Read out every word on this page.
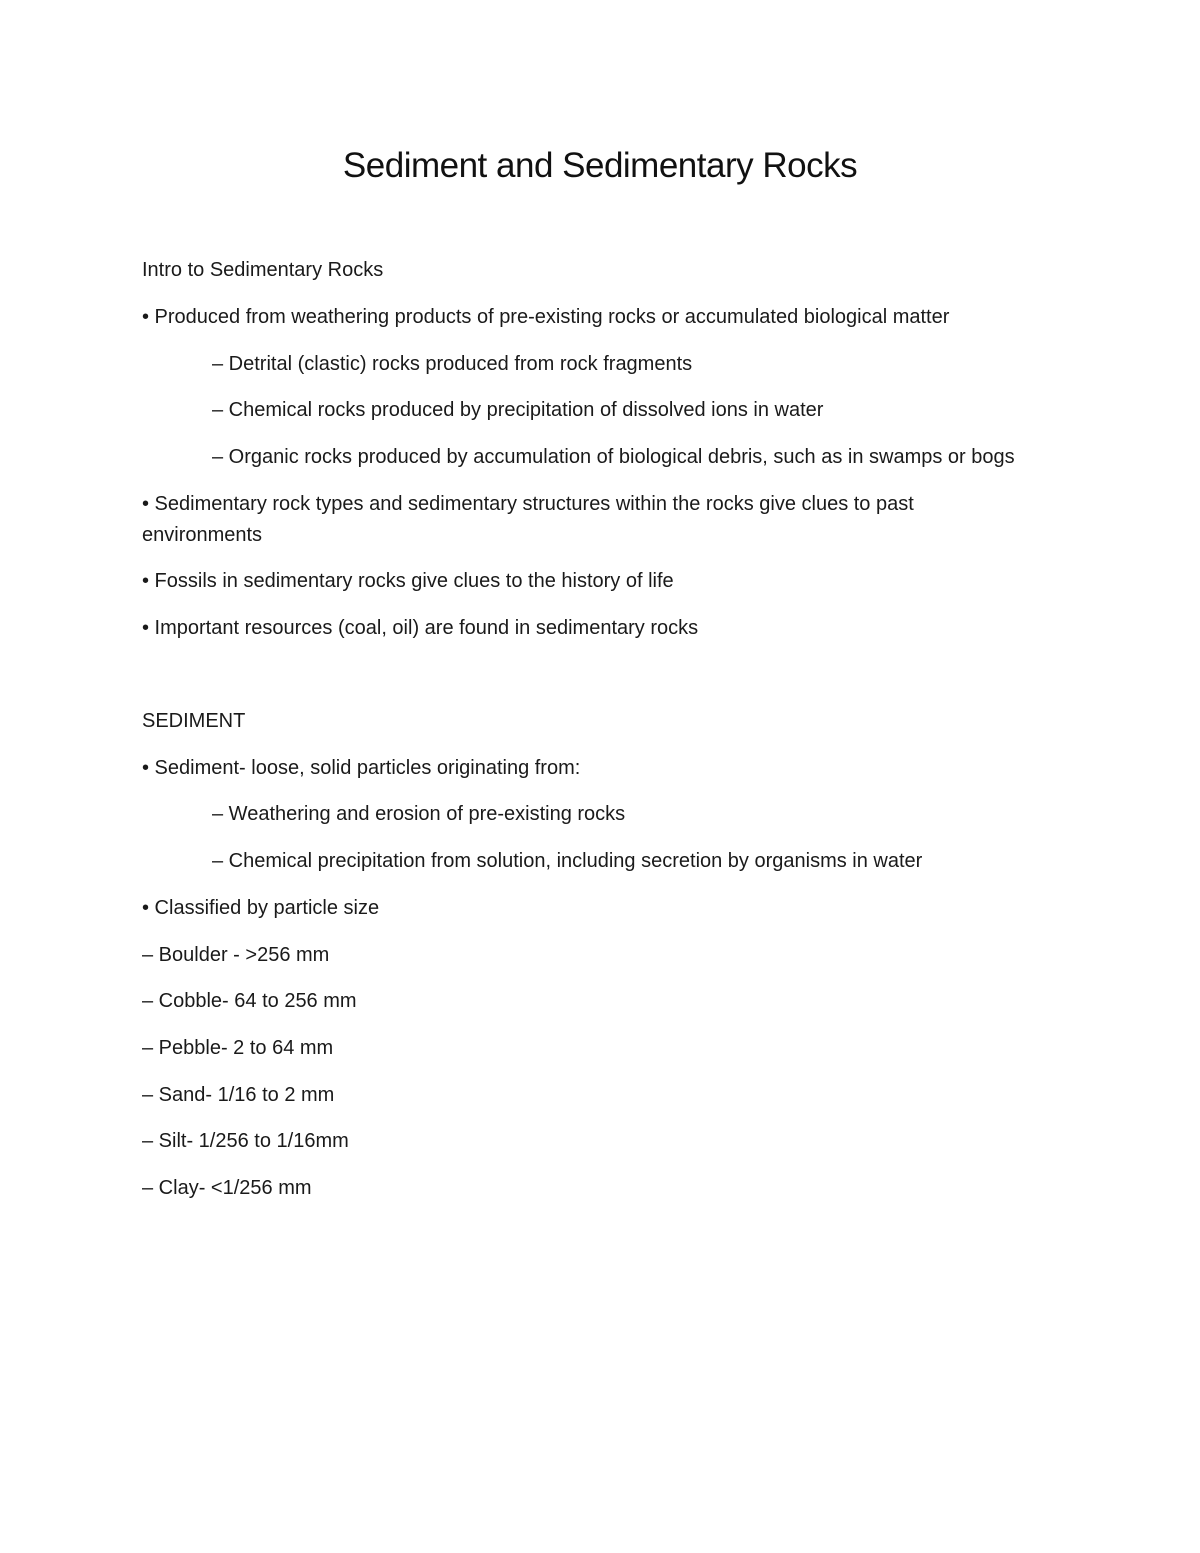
Sediment and Sedimentary Rocks

Intro to Sedimentary Rocks

• Produced from weathering products of pre-existing rocks or accumulated biological matter

– Detrital (clastic) rocks produced from rock fragments

– Chemical rocks produced by precipitation of dissolved ions in water

– Organic rocks produced by accumulation of biological debris, such as in swamps or bogs

• Sedimentary rock types and sedimentary structures within the rocks give clues to past environments

• Fossils in sedimentary rocks give clues to the history of life

• Important resources (coal, oil) are found in sedimentary rocks

SEDIMENT

• Sediment- loose, solid particles originating from:

– Weathering and erosion of pre-existing rocks

– Chemical precipitation from solution, including secretion by organisms in water

• Classified by particle size

– Boulder - >256 mm

– Cobble- 64 to 256 mm

– Pebble- 2 to 64 mm

– Sand- 1/16 to 2 mm

– Silt- 1/256 to 1/16mm

– Clay- <1/256 mm
